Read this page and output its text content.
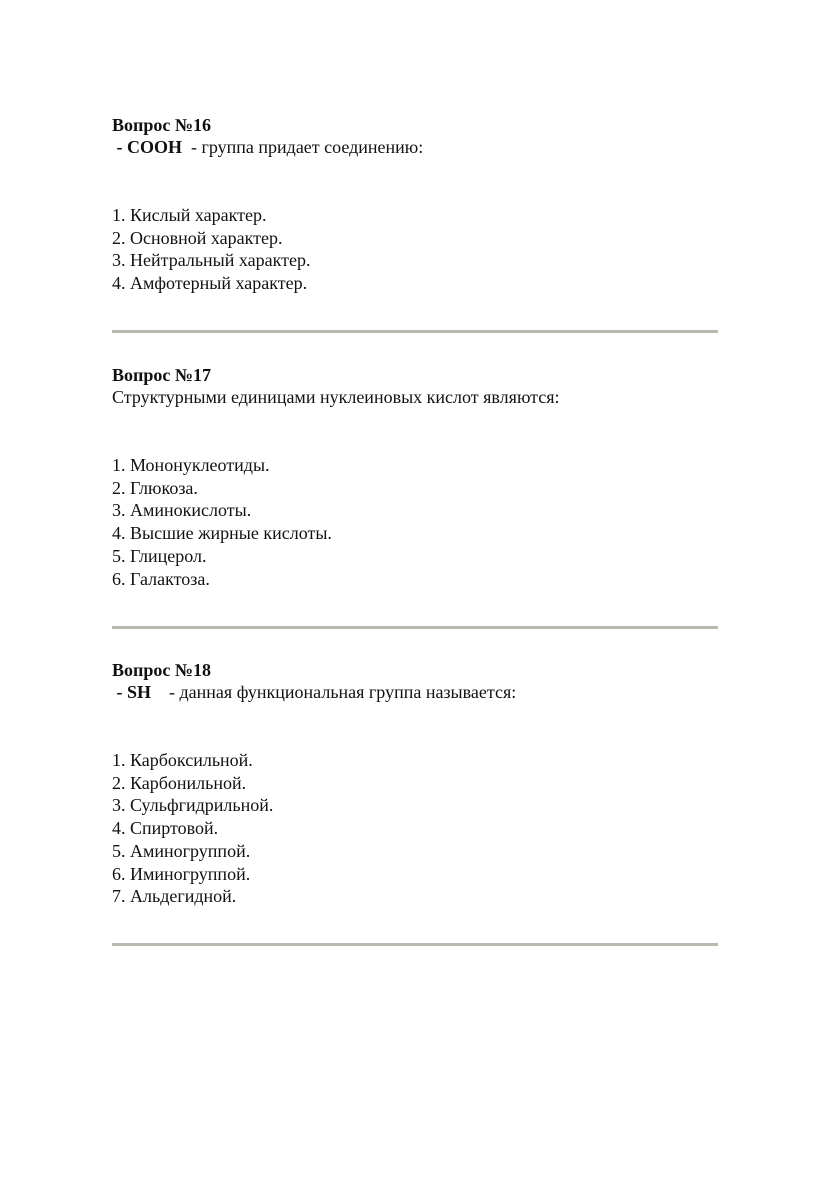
Вопрос №16

- COOH  - группа придает соединению:

1. Кислый характер.
2. Основной характер.
3. Нейтральный характер.
4. Амфотерный характер.

Вопрос №17

Структурными единицами нуклеиновых кислот являются:

1. Мононуклеотиды.
2. Глюкоза.
3. Аминокислоты.
4. Высшие жирные кислоты.
5. Глицерол.
6. Галактоза.

Вопрос №18

- SH    - данная функциональная группа называется:

1. Карбоксильной.
2. Карбонильной.
3. Сульфгидрильной.
4. Спиртовой.
5. Аминогруппой.
6. Иминогруппой.
7. Альдегидной.
